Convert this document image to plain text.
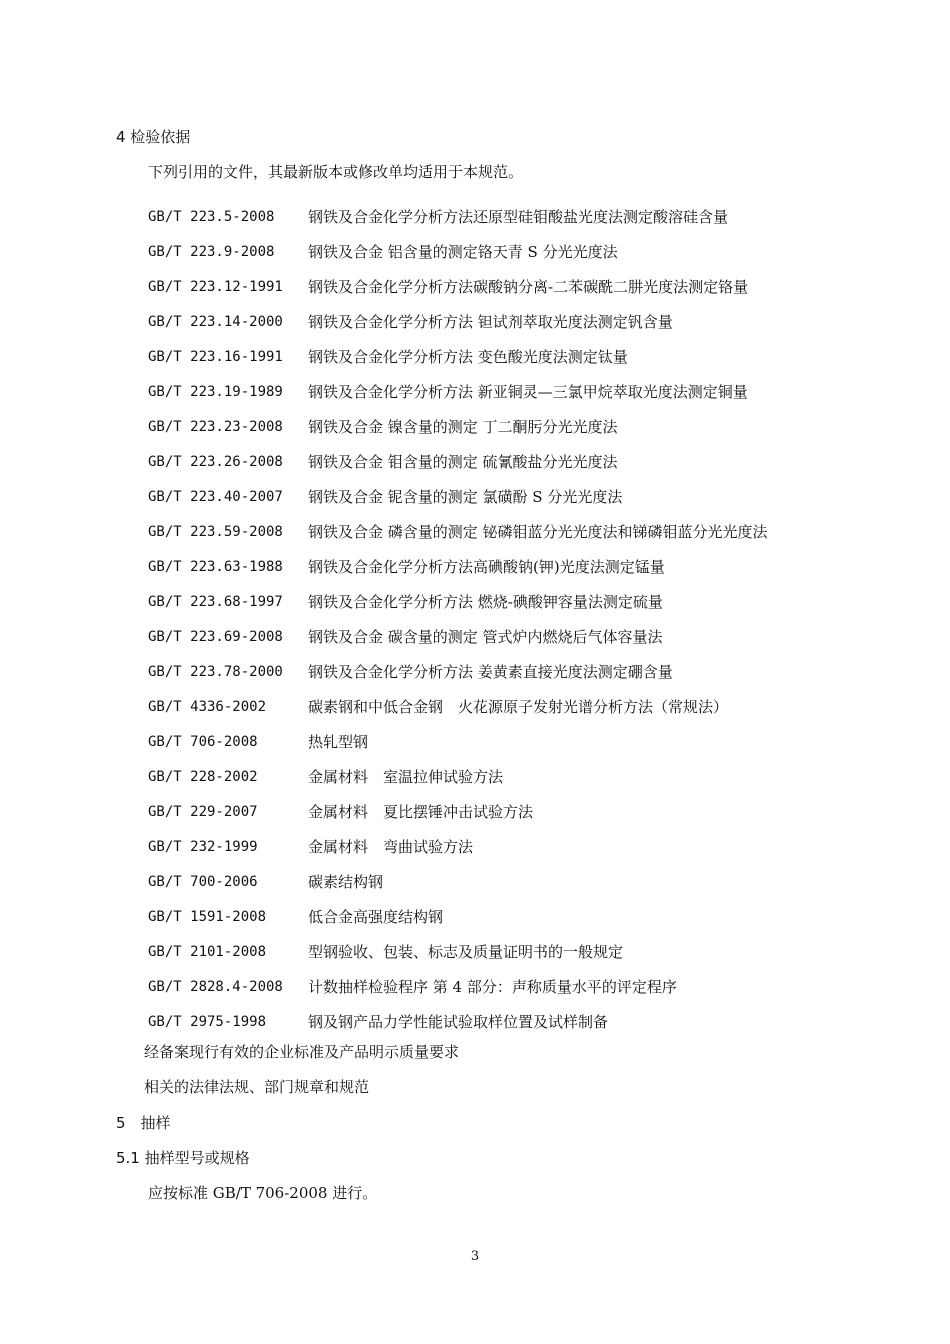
4 检验依据
下列引用的文件，其最新版本或修改单均适用于本规范。
GB/T 223.5-2008	钢铁及合金化学分析方法还原型硅钼酸盐光度法测定酸溶硅含量
GB/T 223.9-2008	钢铁及合金 铝含量的测定铬天青 S 分光光度法
GB/T 223.12-1991	钢铁及合金化学分析方法碳酸钠分离-二苯碳酰二肼光度法测定铬量
GB/T 223.14-2000	钢铁及合金化学分析方法 钽试剂萃取光度法测定钒含量
GB/T 223.16-1991	钢铁及合金化学分析方法 变色酸光度法测定钛量
GB/T 223.19-1989	钢铁及合金化学分析方法 新亚铜灵—三氯甲烷萃取光度法测定铜量
GB/T 223.23-2008	钢铁及合金 镍含量的测定 丁二酮肟分光光度法
GB/T 223.26-2008	钢铁及合金 钼含量的测定 硫氰酸盐分光光度法
GB/T 223.40-2007	钢铁及合金 铌含量的测定 氯磺酚 S 分光光度法
GB/T 223.59-2008	钢铁及合金 磷含量的测定 铋磷钼蓝分光光度法和锑磷钼蓝分光光度法
GB/T 223.63-1988	钢铁及合金化学分析方法高碘酸钠(钾)光度法测定锰量
GB/T 223.68-1997	钢铁及合金化学分析方法 燃烧-碘酸钾容量法测定硫量
GB/T 223.69-2008	钢铁及合金 碳含量的测定 管式炉内燃烧后气体容量法
GB/T 223.78-2000	钢铁及合金化学分析方法 姜黄素直接光度法测定硼含量
GB/T 4336-2002	碳素钢和中低合金钢　火花源原子发射光谱分析方法（常规法）
GB/T 706-2008	热轧型钢
GB/T 228-2002	金属材料　室温拉伸试验方法
GB/T 229-2007	金属材料　夏比摆锤冲击试验方法
GB/T 232-1999	金属材料　弯曲试验方法
GB/T 700-2006	碳素结构钢
GB/T 1591-2008	低合金高强度结构钢
GB/T 2101-2008	型钢验收、包装、标志及质量证明书的一般规定
GB/T 2828.4-2008	计数抽样检验程序 第 4 部分：声称质量水平的评定程序
GB/T 2975-1998	钢及钢产品力学性能试验取样位置及试样制备
经备案现行有效的企业标准及产品明示质量要求
相关的法律法规、部门规章和规范
5　抽样
5.1 抽样型号或规格
应按标准 GB/T 706-2008 进行。
3
